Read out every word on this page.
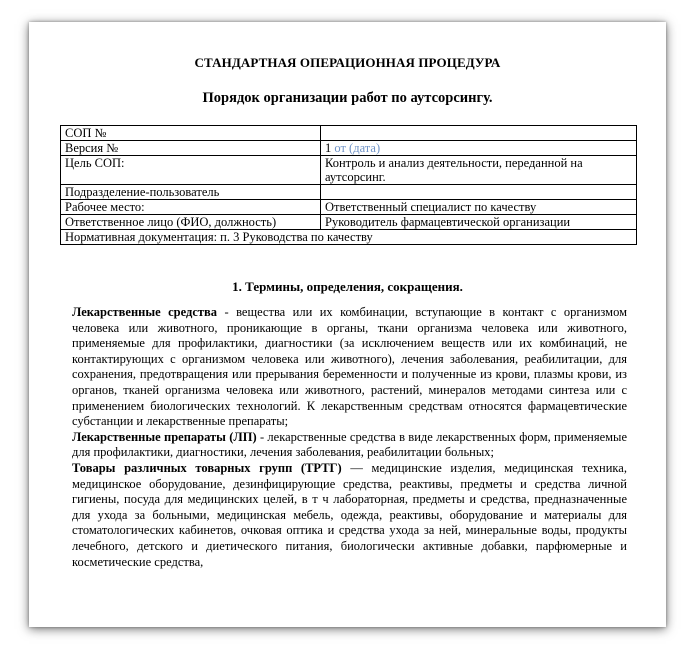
СТАНДАРТНАЯ ОПЕРАЦИОННАЯ ПРОЦЕДУРА
Порядок организации работ по аутсорсингу.
СОП №	
Версия №	1 от (дата)
Цель СОП:	Контроль и анализ деятельности, переданной на аутсорсинг.
Подразделение-пользователь	
Рабочее место:	Ответственный специалист по качеству
Ответственное лицо (ФИО, должность)	Руководитель фармацевтической организации
Нормативная документация: п. 3 Руководства по качеству	
1. Термины, определения, сокращения.

Лекарственные средства - вещества или их комбинации, вступающие в контакт с организмом человека или животного, проникающие в органы, ткани организма человека или животного, применяемые для профилактики, диагностики (за исключением веществ или их комбинаций, не контактирующих с организмом человека или животного), лечения заболевания, реабилитации, для сохранения, предотвращения или прерывания беременности и полученные из крови, плазмы крови, из органов, тканей организма человека или животного, растений, минералов методами синтеза или с применением биологических технологий. К лекарственным средствам относятся фармацевтические субстанции и лекарственные препараты;

Лекарственные препараты (ЛП) - лекарственные средства в виде лекарственных форм, применяемые для профилактики, диагностики, лечения заболевания, реабилитации больных;

Товары различных товарных групп (ТРТГ) — медицинские изделия, медицинская техника, медицинское оборудование, дезинфицирующие средства, реактивы, предметы и средства личной гигиены, посуда для медицинских целей, в т ч лабораторная, предметы и средства, предназначенные для ухода за больными, медицинская мебель, одежда, реактивы, оборудование и материалы для стоматологических кабинетов, очковая оптика и средства ухода за ней, минеральные воды, продукты лечебного, детского и диетического питания, биологически активные добавки, парфюмерные и косметические средства,
